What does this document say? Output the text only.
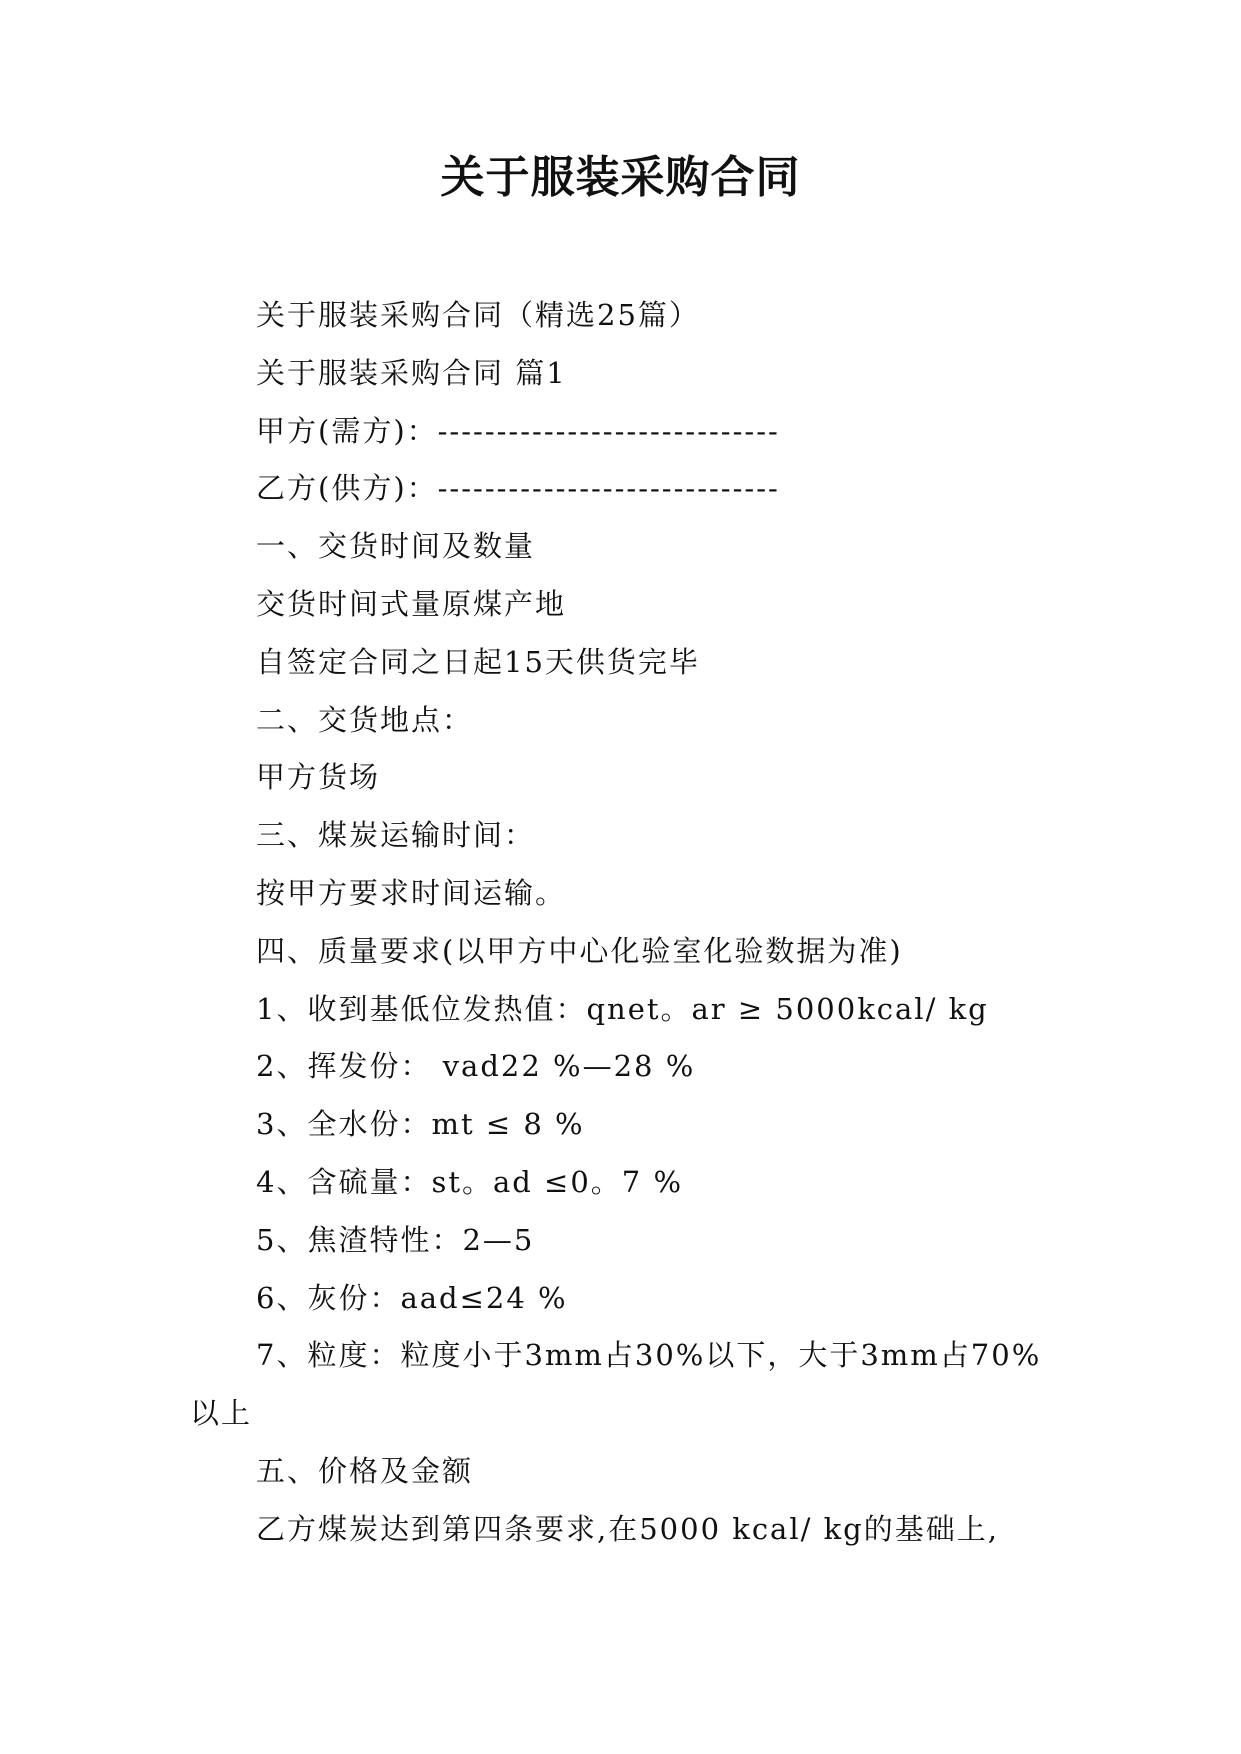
关于服装采购合同

关于服装采购合同（精选25篇）

关于服装采购合同 篇1

甲方(需方)：-----------------------------

乙方(供方)：-----------------------------

一、交货时间及数量

交货时间式量原煤产地

自签定合同之日起15天供货完毕

二、交货地点：

甲方货场

三、煤炭运输时间：

按甲方要求时间运输。

四、质量要求(以甲方中心化验室化验数据为准)

1、收到基低位发热值：qnet。ar ≥ 5000kcal/ kg

2、挥发份： vad22 %—28 %

3、全水份：mt ≤ 8 %

4、含硫量：st。ad ≤0。7 %

5、焦渣特性：2—5

6、灰份：aad≤24 %

7、粒度：粒度小于3mm占30%以下，大于3mm占70%以上

五、价格及金额

乙方煤炭达到第四条要求,在5000 kcal/ kg的基础上,
